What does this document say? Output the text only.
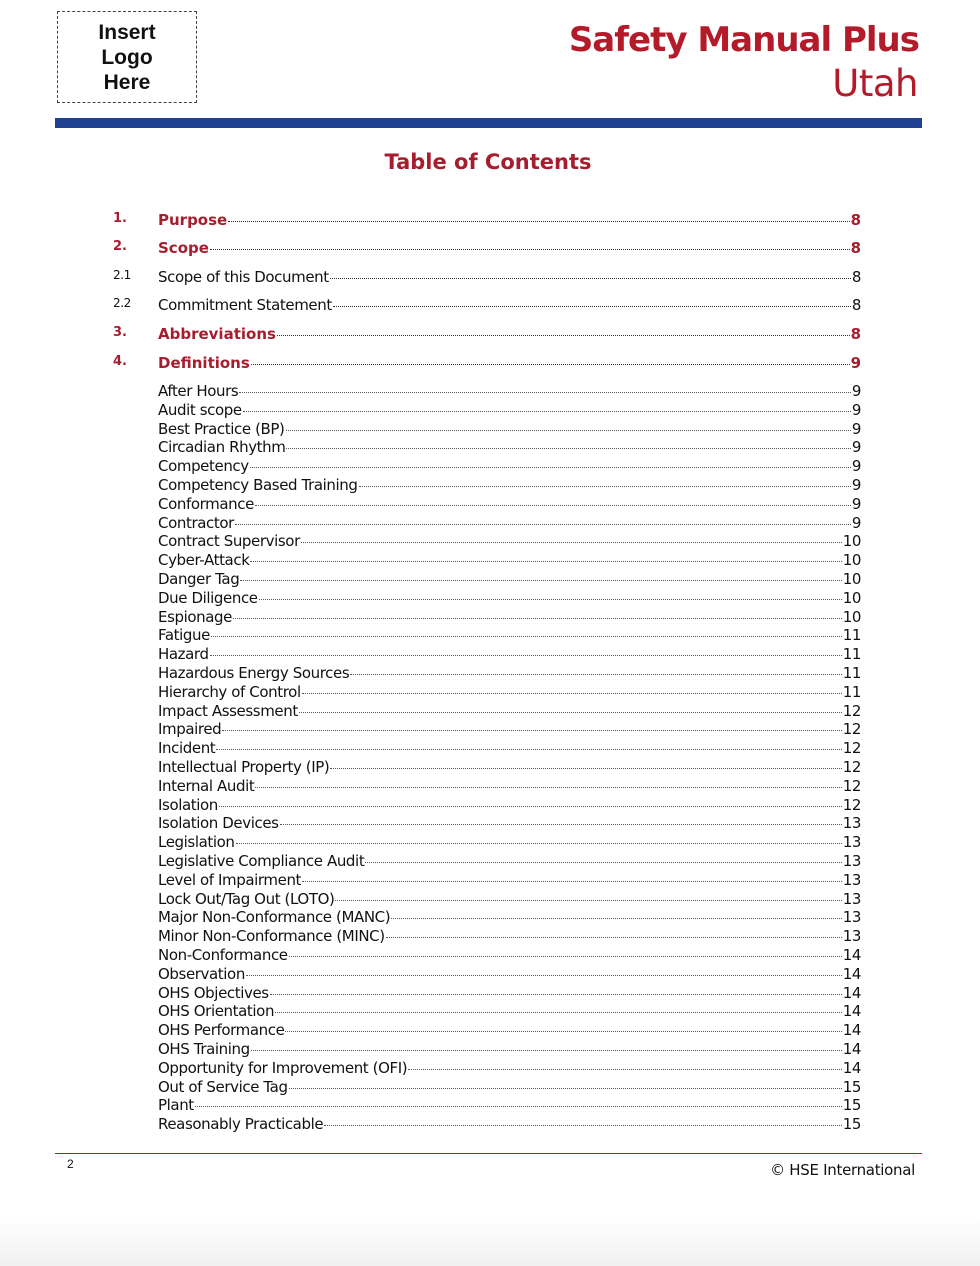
Insert
Logo
Here
Safety Manual Plus
Utah
Table of Contents
1. Purpose	8
2. Scope	8
2.1 Scope of this Document	8
2.2 Commitment Statement	8
3. Abbreviations	8
4. Definitions	9
After Hours	9
Audit scope	9
Best Practice (BP)	9
Circadian Rhythm	9
Competency	9
Competency Based Training	9
Conformance	9
Contractor	9
Contract Supervisor	10
Cyber-Attack	10
Danger Tag	10
Due Diligence	10
Espionage	10
Fatigue	11
Hazard	11
Hazardous Energy Sources	11
Hierarchy of Control	11
Impact Assessment	12
Impaired	12
Incident	12
Intellectual Property (IP)	12
Internal Audit	12
Isolation	12
Isolation Devices	13
Legislation	13
Legislative Compliance Audit	13
Level of Impairment	13
Lock Out/Tag Out (LOTO)	13
Major Non-Conformance (MANC)	13
Minor Non-Conformance (MINC)	13
Non-Conformance	14
Observation	14
OHS Objectives	14
OHS Orientation	14
OHS Performance	14
OHS Training	14
Opportunity for Improvement (OFI)	14
Out of Service Tag	15
Plant	15
Reasonably Practicable	15
2	© HSE International
